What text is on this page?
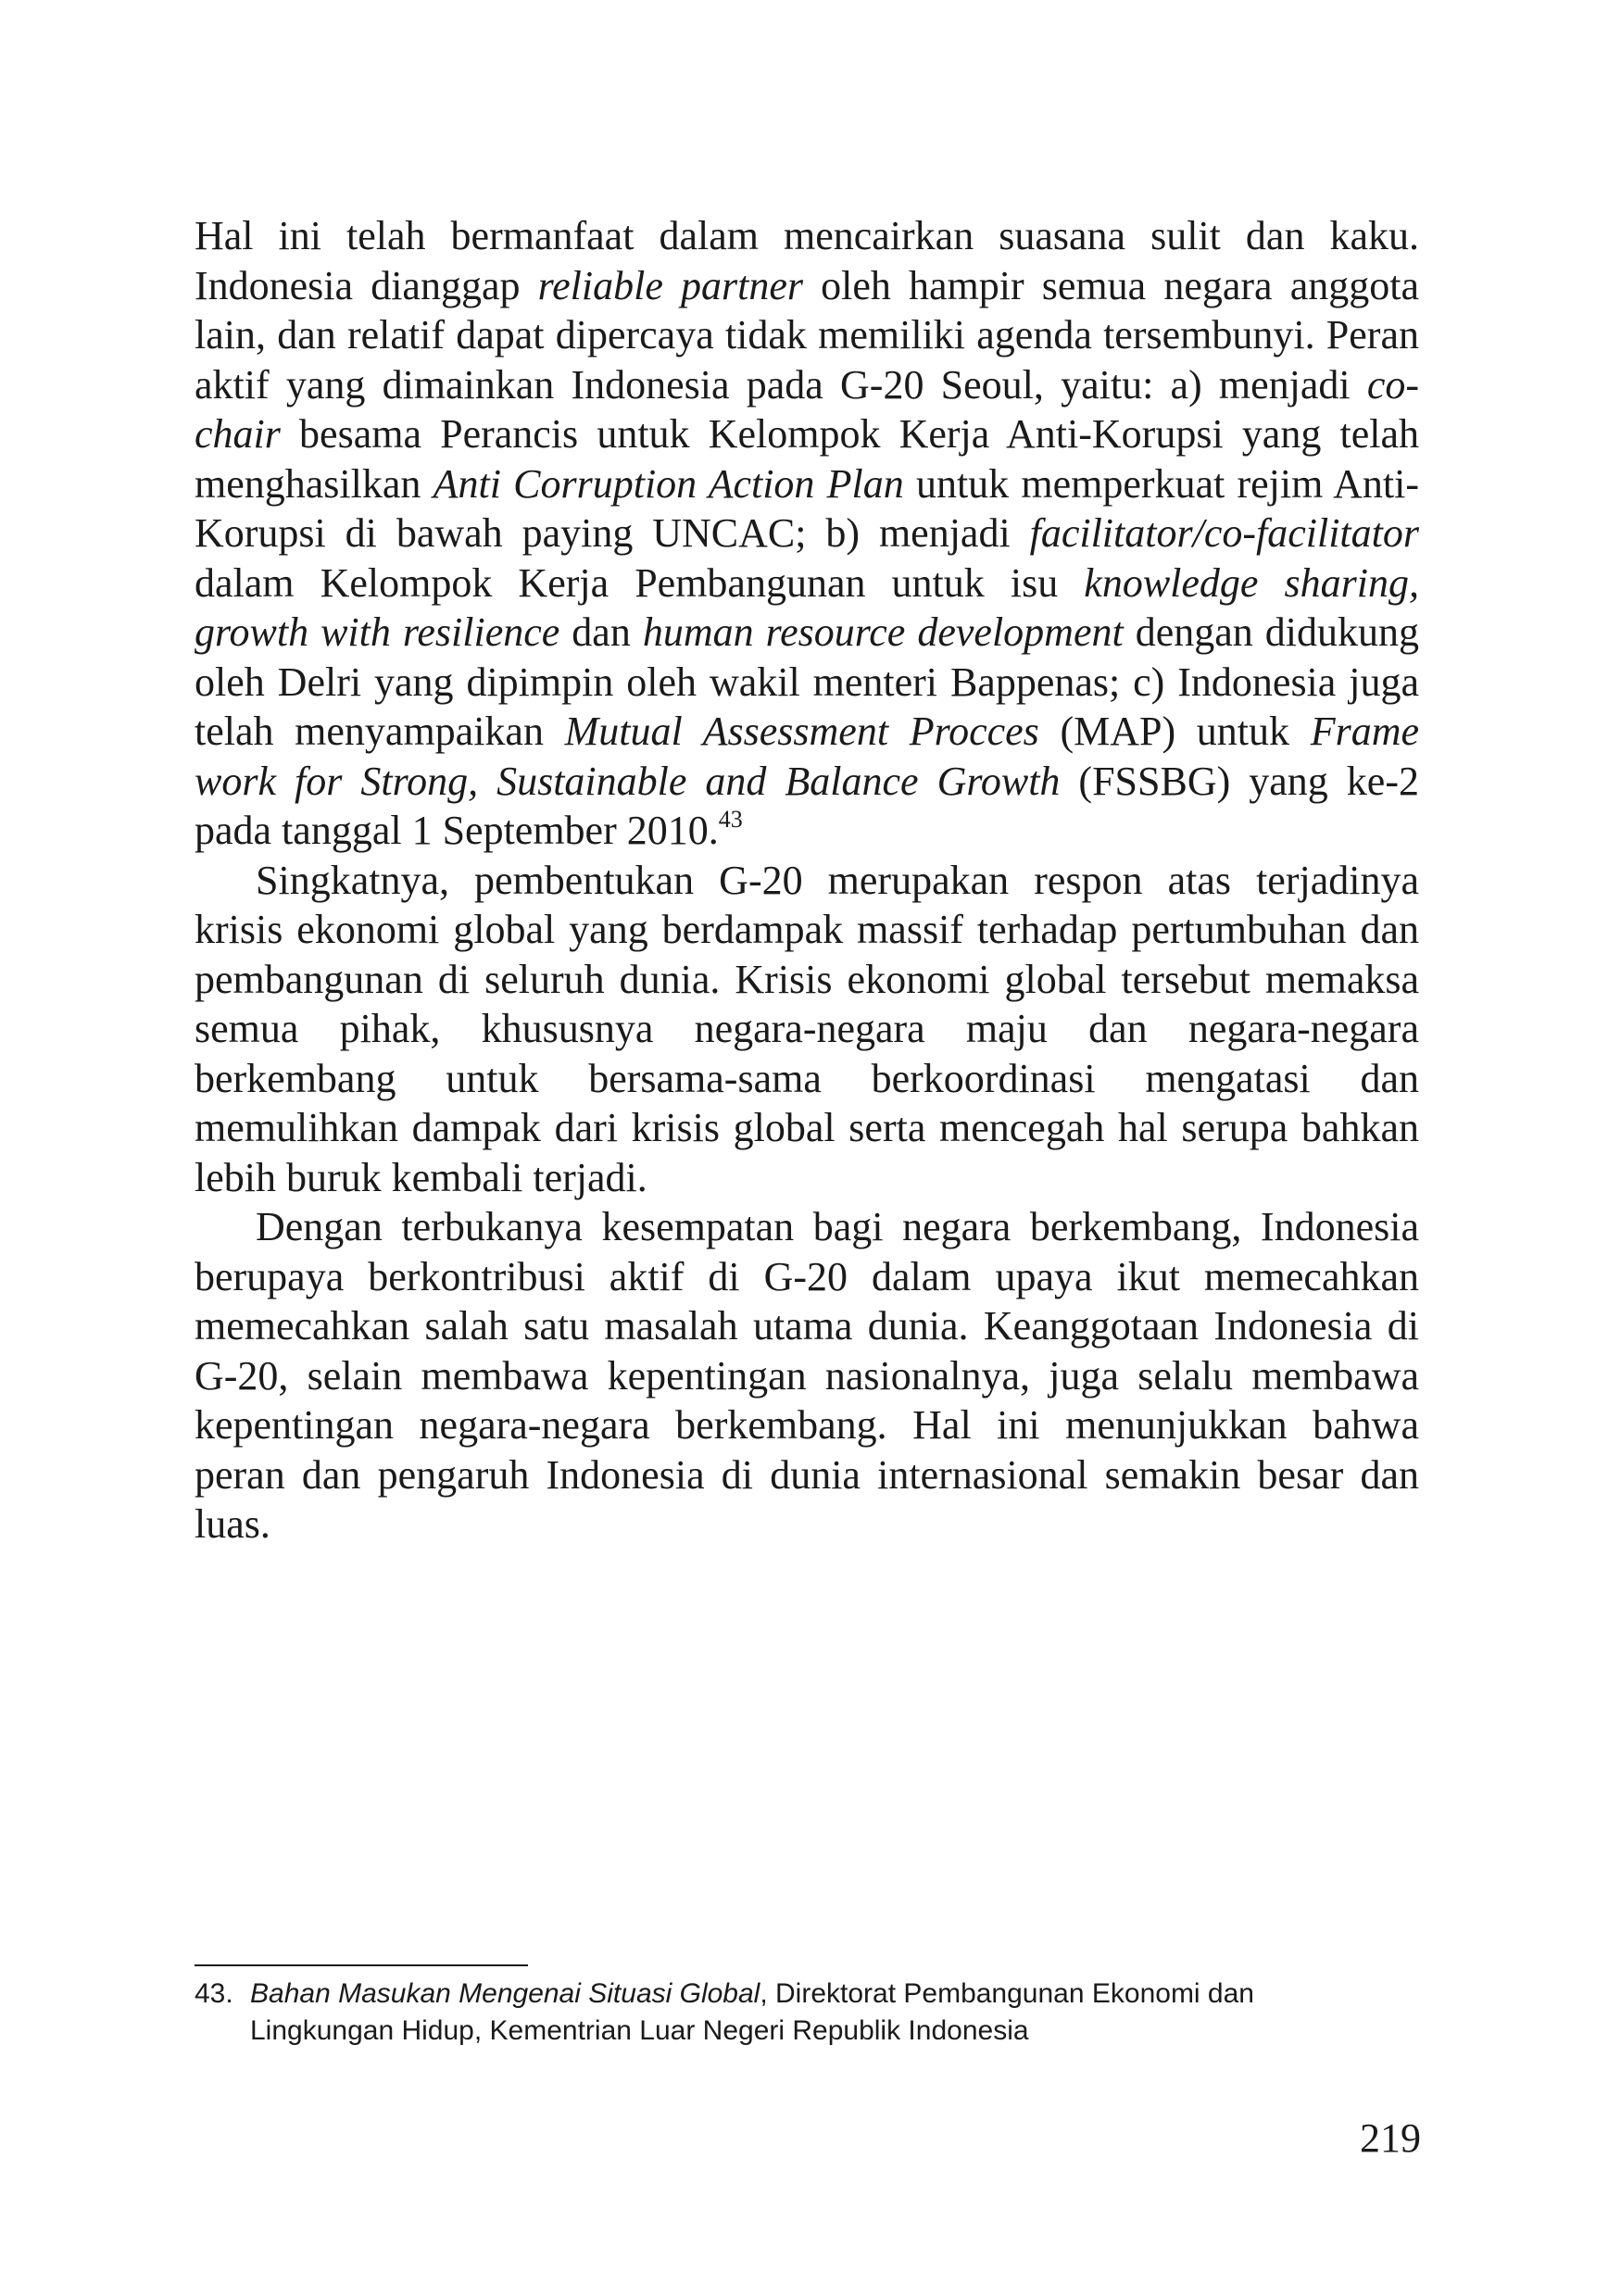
Hal ini telah bermanfaat dalam mencairkan suasana sulit dan kaku. Indonesia dianggap reliable partner oleh hampir semua negara anggota lain, dan relatif dapat dipercaya tidak memiliki agenda tersembunyi. Peran aktif yang dimainkan Indonesia pada G-20 Seoul, yaitu: a) menjadi co-chair besama Perancis untuk Kelompok Kerja Anti-Korupsi yang telah menghasilkan Anti Corruption Action Plan untuk memperkuat rejim Anti-Korupsi di bawah paying UNCAC; b) menjadi facilitator/co-facilitator dalam Kelompok Kerja Pembangunan untuk isu knowledge sharing, growth with resilience dan human resource development dengan didukung oleh Delri yang dipimpin oleh wakil menteri Bappenas; c) Indonesia juga telah menyampaikan Mutual Assessment Procces (MAP) untuk Frame work for Strong, Sustainable and Balance Growth (FSSBG) yang ke-2 pada tanggal 1 September 2010.43

Singkatnya, pembentukan G-20 merupakan respon atas terjadinya krisis ekonomi global yang berdampak massif terhadap pertumbuhan dan pembangunan di seluruh dunia. Krisis ekonomi global tersebut memaksa semua pihak, khususnya negara-negara maju dan negara-negara berkembang untuk bersama-sama berkoordinasi mengatasi dan memulihkan dampak dari krisis global serta mencegah hal serupa bahkan lebih buruk kembali terjadi.

Dengan terbukanya kesempatan bagi negara berkembang, Indonesia berupaya berkontribusi aktif di G-20 dalam upaya ikut memecahkan memecahkan salah satu masalah utama dunia. Keanggotaan Indonesia di G-20, selain membawa kepentingan nasionalnya, juga selalu membawa kepentingan negara-negara berkembang. Hal ini menunjukkan bahwa peran dan pengaruh Indonesia di dunia internasional semakin besar dan luas.

43. Bahan Masukan Mengenai Situasi Global, Direktorat Pembangunan Ekonomi dan
Lingkungan Hidup, Kementrian Luar Negeri Republik Indonesia
219
